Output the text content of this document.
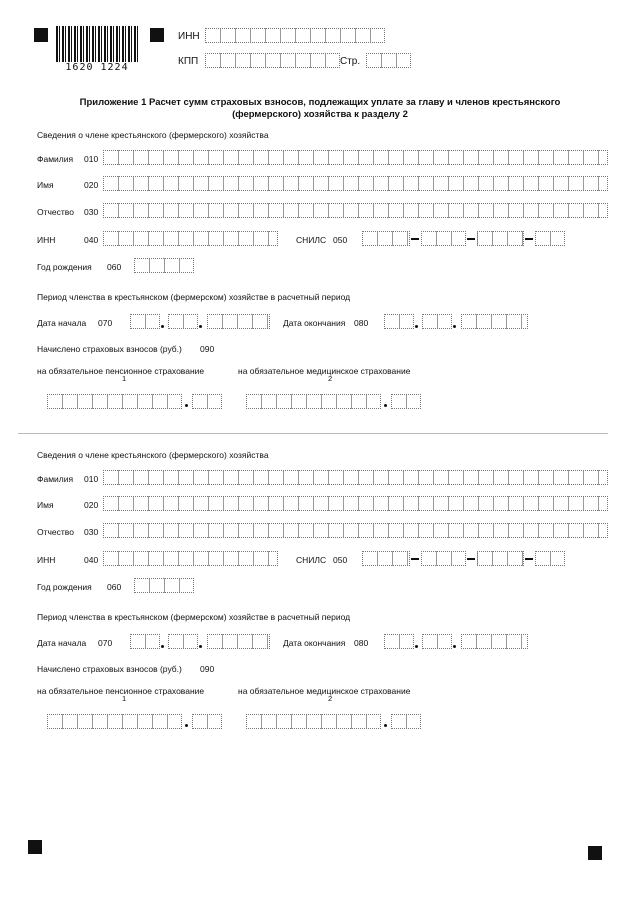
1620 1224
ИНН
КПП	Стр.
Приложение 1 Расчет сумм страховых взносов, подлежащих уплате за главу и членов крестьянского
(фермерского) хозяйства к разделу 2
Сведения о члене крестьянского (фермерского) хозяйства
Фамилия 010
Имя	020
Отчество 030
ИНН	040	СНИЛС 050
Год рождения 060
Период членства в крестьянском (фермерском) хозяйстве в расчетный период
Дата начала 070	Дата окончания 080
Начислено страховых взносов (руб.) 090
на обязательное пенсионное страхование
1
на обязательное медицинское страхование
2
Сведения о члене крестьянского (фермерского) хозяйства
Фамилия 010
Имя	020
Отчество 030
ИНН	040	СНИЛС 050
Год рождения 060
Период членства в крестьянском (фермерском) хозяйстве в расчетный период
Дата начала 070	Дата окончания 080
Начислено страховых взносов (руб.) 090
на обязательное пенсионное страхование
1
на обязательное медицинское страхование
2
